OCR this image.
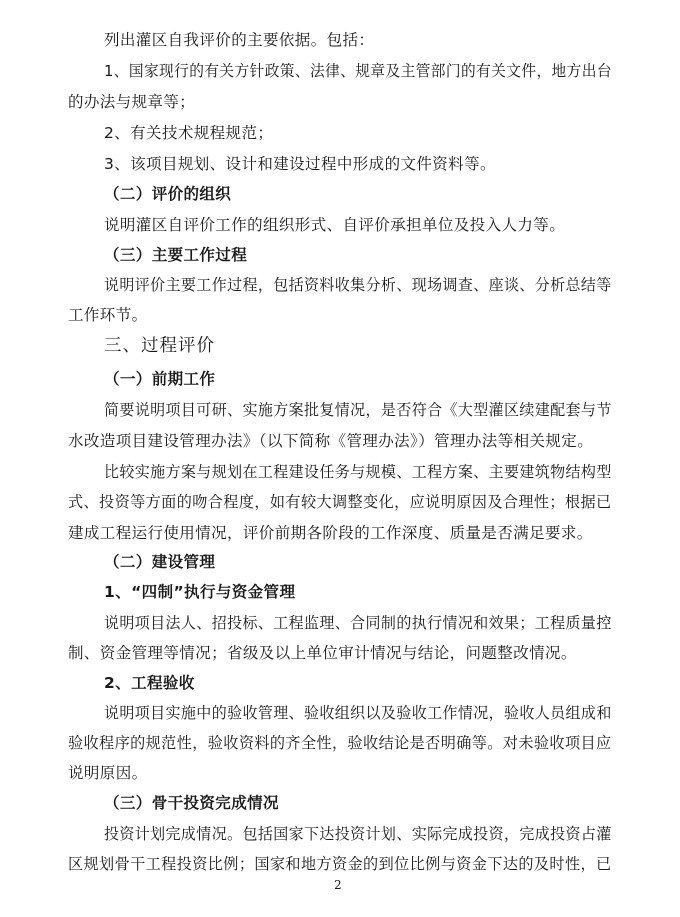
列出灌区自我评价的主要依据。包括：
1、国家现行的有关方针政策、法律、规章及主管部门的有关文件，地方出台
的办法与规章等；
2、有关技术规程规范；
3、该项目规划、设计和建设过程中形成的文件资料等。
（二）评价的组织
说明灌区自评价工作的组织形式、自评价承担单位及投入人力等。
（三）主要工作过程
说明评价主要工作过程，包括资料收集分析、现场调查、座谈、分析总结等
工作环节。
三、过程评价
（一）前期工作
简要说明项目可研、实施方案批复情况，是否符合《大型灌区续建配套与节
水改造项目建设管理办法》（以下简称《管理办法》）管理办法等相关规定。
比较实施方案与规划在工程建设任务与规模、工程方案、主要建筑物结构型
式、投资等方面的吻合程度，如有较大调整变化，应说明原因及合理性；根据已
建成工程运行使用情况，评价前期各阶段的工作深度、质量是否满足要求。
（二）建设管理
1、“四制”执行与资金管理
说明项目法人、招投标、工程监理、合同制的执行情况和效果；工程质量控
制、资金管理等情况；省级及以上单位审计情况与结论，问题整改情况。
2、工程验收
说明项目实施中的验收管理、验收组织以及验收工作情况，验收人员组成和
验收程序的规范性，验收资料的齐全性，验收结论是否明确等。对未验收项目应
说明原因。
（三）骨干投资完成情况
投资计划完成情况。包括国家下达投资计划、实际完成投资，完成投资占灌
区规划骨干工程投资比例；国家和地方资金的到位比例与资金下达的及时性，已
2
